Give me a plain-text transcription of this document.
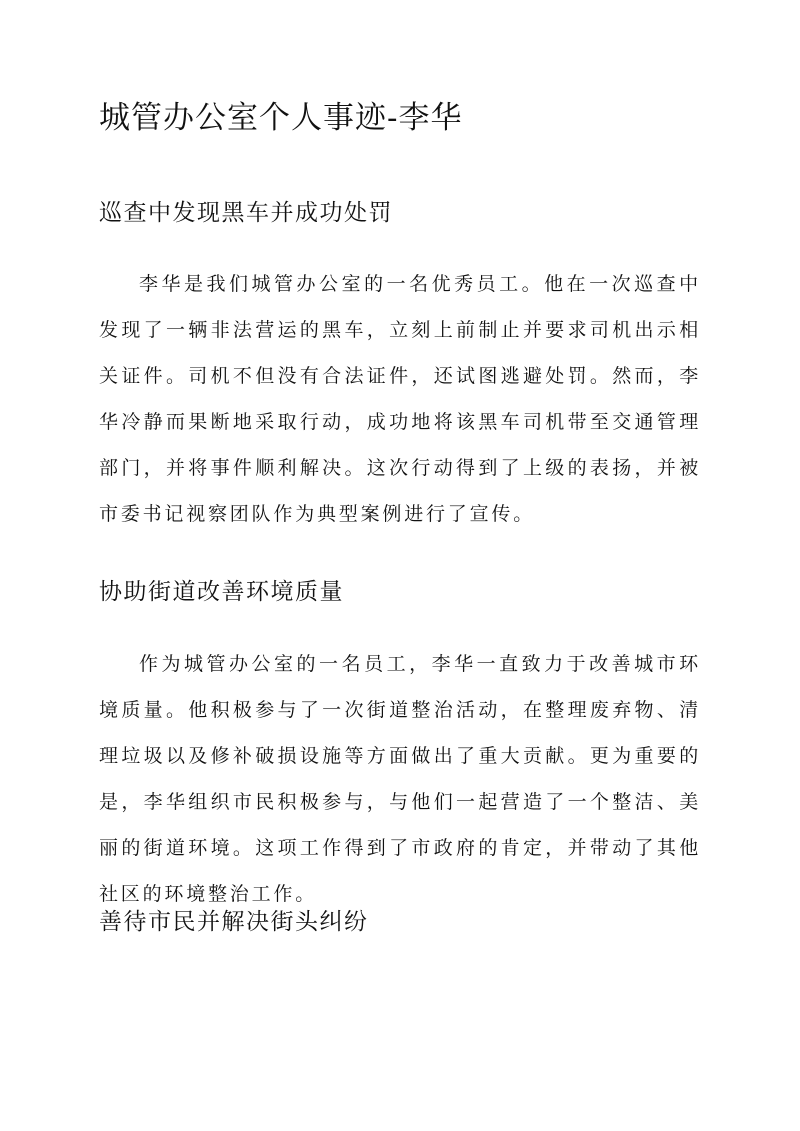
城管办公室个人事迹-李华
巡查中发现黑车并成功处罚

李华是我们城管办公室的一名优秀员工。他在一次巡查中发现了一辆非法营运的黑车，立刻上前制止并要求司机出示相关证件。司机不但没有合法证件，还试图逃避处罚。然而，李华冷静而果断地采取行动，成功地将该黑车司机带至交通管理部门，并将事件顺利解决。这次行动得到了上级的表扬，并被市委书记视察团队作为典型案例进行了宣传。

协助街道改善环境质量

作为城管办公室的一名员工，李华一直致力于改善城市环境质量。他积极参与了一次街道整治活动，在整理废弃物、清理垃圾以及修补破损设施等方面做出了重大贡献。更为重要的是，李华组织市民积极参与，与他们一起营造了一个整洁、美丽的街道环境。这项工作得到了市政府的肯定，并带动了其他社区的环境整治工作。

善待市民并解决街头纠纷
